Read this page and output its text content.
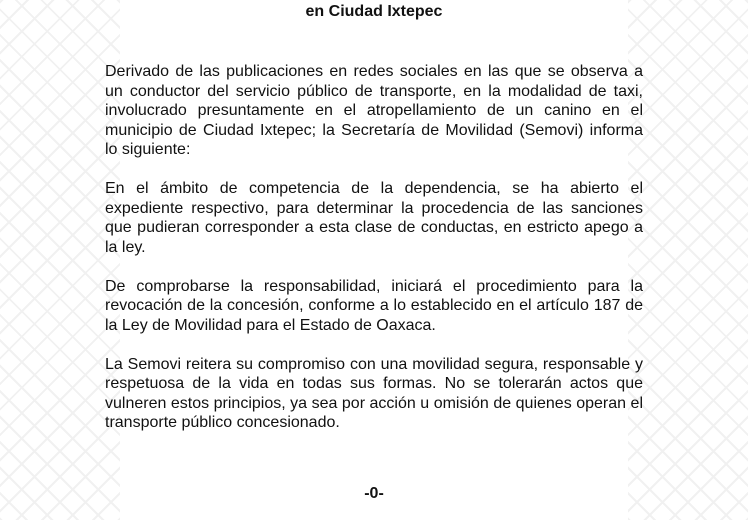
en Ciudad Ixtepec

Derivado de las publicaciones en redes sociales en las que se observa a un conductor del servicio público de transporte, en la modalidad de taxi, involucrado presuntamente en el atropellamiento de un canino en el municipio de Ciudad Ixtepec; la Secretaría de Movilidad (Semovi) informa lo siguiente:

En el ámbito de competencia de la dependencia, se ha abierto el expediente respectivo, para determinar la procedencia de las sanciones que pudieran corresponder a esta clase de conductas, en estricto apego a la ley.

De comprobarse la responsabilidad, iniciará el procedimiento para la revocación de la concesión, conforme a lo establecido en el artículo 187 de la Ley de Movilidad para el Estado de Oaxaca.

La Semovi reitera su compromiso con una movilidad segura, responsable y respetuosa de la vida en todas sus formas. No se tolerarán actos que vulneren estos principios, ya sea por acción u omisión de quienes operan el transporte público concesionado.

-0-
